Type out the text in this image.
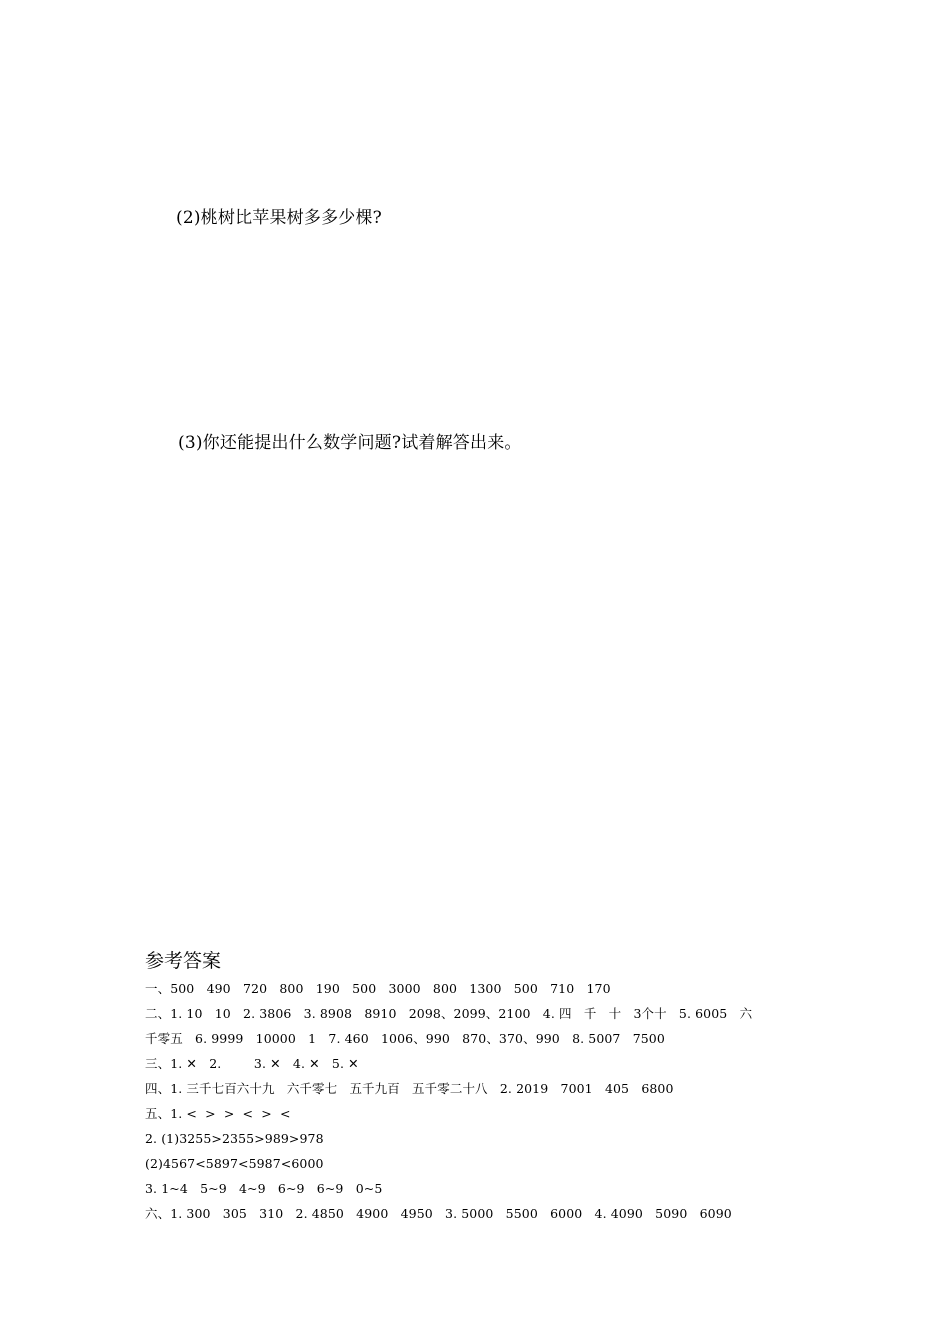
(2)桃树比苹果树多多少棵?
(3)你还能提出什么数学问题?试着解答出来。
参考答案
一、500   490   720   800   190   500   3000   800   1300   500   710   170
二、1. 10   10   2. 3806   3. 8908   8910   2098、2099、2100   4. 四   千   十   3个十   5. 6005   六
千零五   6. 9999   10000   1   7. 460   1006、990   870、370、990   8. 5007   7500
三、1. ✕   2.        3. ✕   4. ✕   5. ✕
四、1. 三千七百六十九   六千零七   五千九百   五千零二十八   2. 2019   7001   405   6800
五、1. <  >  >  <  >  <
2. (1)3255>2355>989>978
(2)4567<5897<5987<6000
3. 1~4   5~9   4~9   6~9   6~9   0~5
六、1. 300   305   310   2. 4850   4900   4950   3. 5000   5500   6000   4. 4090   5090   6090
